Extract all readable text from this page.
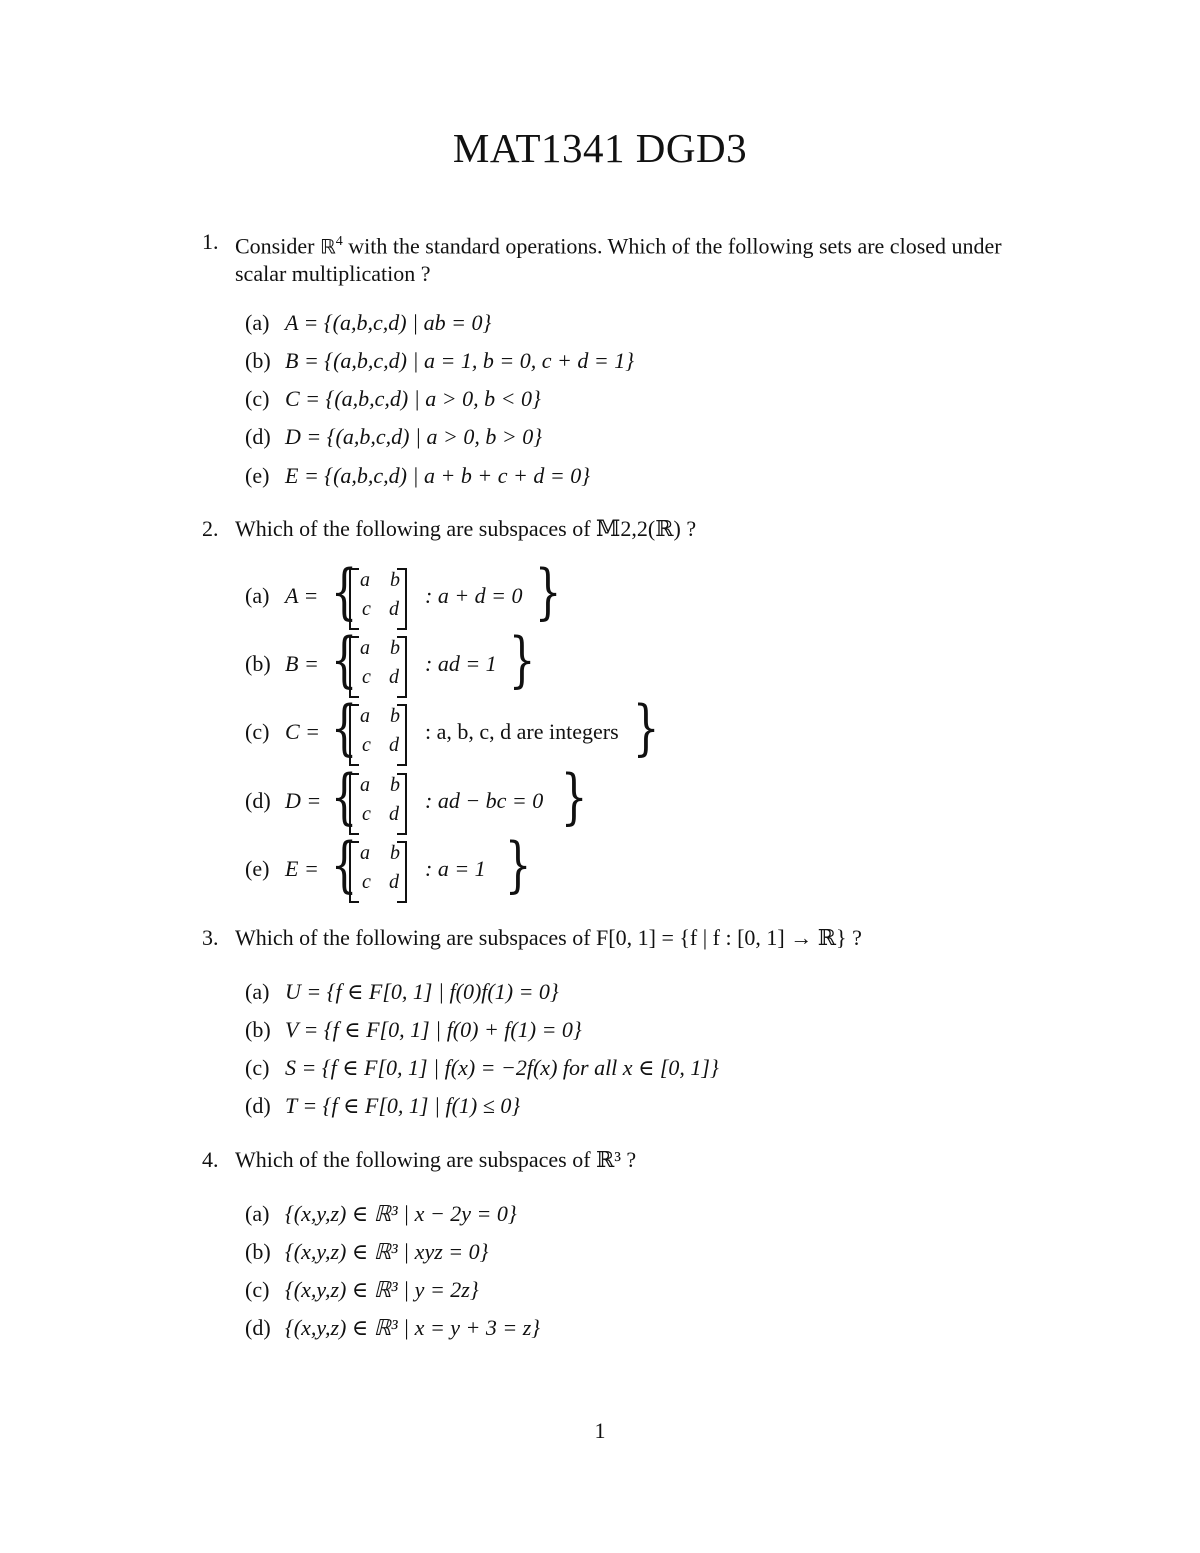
MAT1341 DGD3
1. Consider ℝ$^4$ with the standard operations. Which of the following sets are closed under scalar multiplication ?
(a) A = {(a,b,c,d) | ab = 0}
(b) B = {(a,b,c,d) | a = 1, b = 0, c + d = 1}
(c) C = {(a,b,c,d) | a > 0, b < 0}
(d) D = {(a,b,c,d) | a > 0, b > 0}
(e) E = {(a,b,c,d) | a + b + c + d = 0}
2. Which of the following are subspaces of 𝕄2,2(ℝ) ?
(a) A = { a b
c d
: a + d = 0 }
(b) B = { a b
c d
: ad = 1 }
(c) C = { a b
c d
: a, b, c, d are integers }
(d) D = { a b
c d
: ad − bc = 0 }
(e) E = { a b
c d
: a = 1 }
3. Which of the following are subspaces of F[0, 1] = {f | f : [0, 1] → ℝ} ?
(a) U = {f ∈ F[0, 1] | f(0)f(1) = 0}
(b) V = {f ∈ F[0, 1] | f(0) + f(1) = 0}
(c) S = {f ∈ F[0, 1] | f(x) = −2f(x) for all x ∈ [0, 1]}
(d) T = {f ∈ F[0, 1] | f(1) ≤ 0}
4. Which of the following are subspaces of ℝ³ ?
(a) {(x,y,z) ∈ ℝ³ | x − 2y = 0}
(b) {(x,y,z) ∈ ℝ³ | xyz = 0}
(c) {(x,y,z) ∈ ℝ³ | y = 2z}
(d) {(x,y,z) ∈ ℝ³ | x = y + 3 = z}
1
